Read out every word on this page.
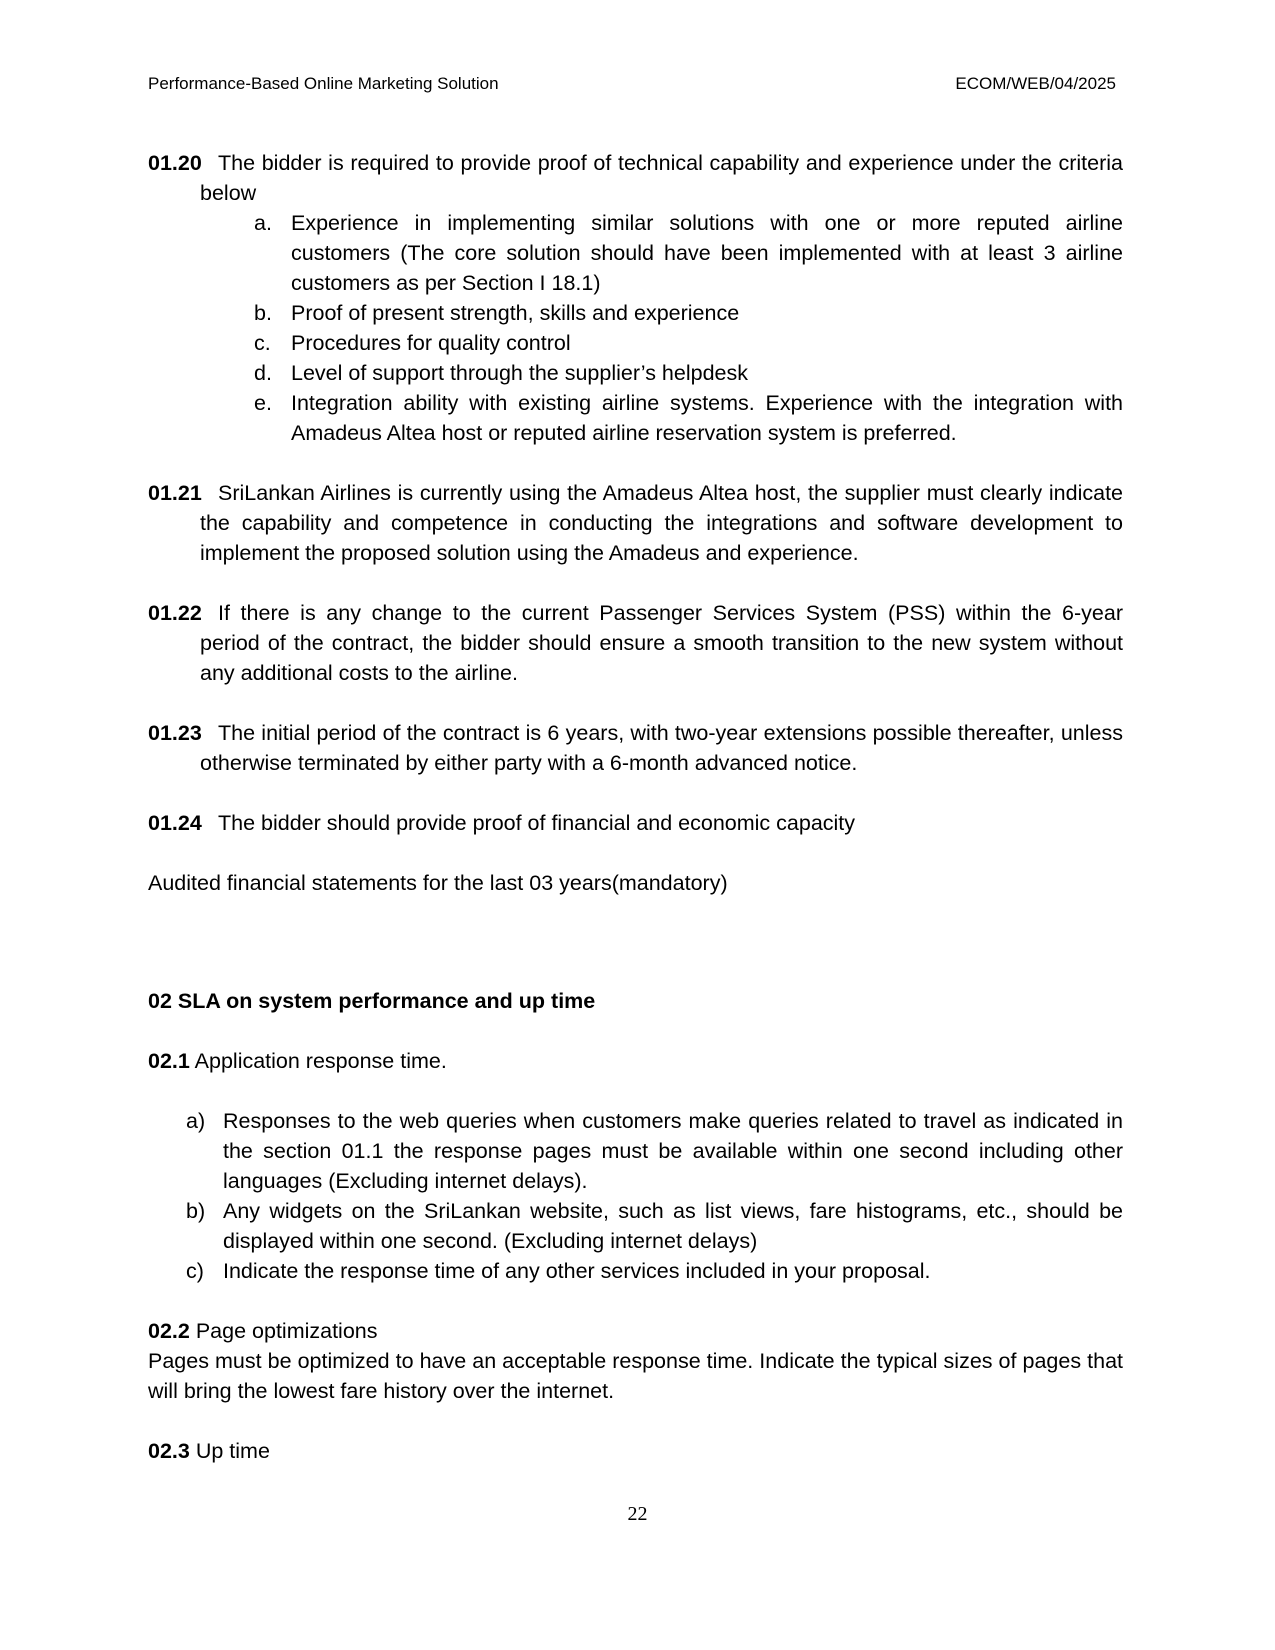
Performance-Based Online Marketing Solution	ECOM/WEB/04/2025
01.20 The bidder is required to provide proof of technical capability and experience under the criteria below
a. Experience in implementing similar solutions with one or more reputed airline customers (The core solution should have been implemented with at least 3 airline customers as per Section I 18.1)
b. Proof of present strength, skills and experience
c. Procedures for quality control
d. Level of support through the supplier’s helpdesk
e. Integration ability with existing airline systems. Experience with the integration with Amadeus Altea host or reputed airline reservation system is preferred.
01.21 SriLankan Airlines is currently using the Amadeus Altea host, the supplier must clearly indicate the capability and competence in conducting the integrations and software development to implement the proposed solution using the Amadeus and experience.
01.22 If there is any change to the current Passenger Services System (PSS) within the 6-year period of the contract, the bidder should ensure a smooth transition to the new system without any additional costs to the airline.
01.23 The initial period of the contract is 6 years, with two-year extensions possible thereafter, unless otherwise terminated by either party with a 6-month advanced notice.
01.24 The bidder should provide proof of financial and economic capacity
Audited financial statements for the last 03 years(mandatory)
02 SLA on system performance and up time
02.1 Application response time.
a) Responses to the web queries when customers make queries related to travel as indicated in the section 01.1 the response pages must be available within one second including other languages (Excluding internet delays).
b) Any widgets on the SriLankan website, such as list views, fare histograms, etc., should be displayed within one second. (Excluding internet delays)
c) Indicate the response time of any other services included in your proposal.
02.2 Page optimizations
Pages must be optimized to have an acceptable response time. Indicate the typical sizes of pages that will bring the lowest fare history over the internet.
02.3 Up time
22
